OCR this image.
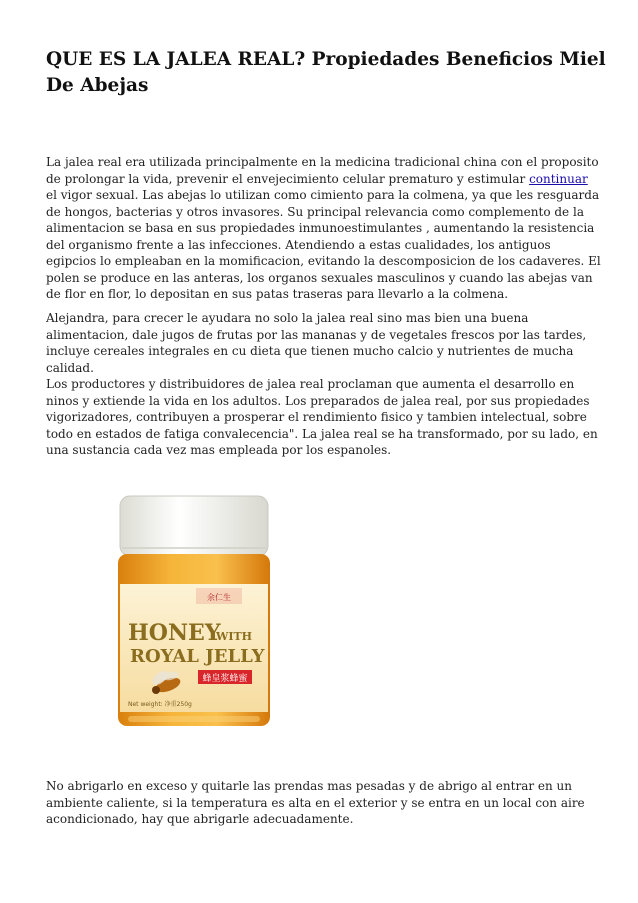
QUE ES LA JALEA REAL? Propiedades Beneficios Miel De Abejas

La jalea real era utilizada principalmente en la medicina tradicional china con el proposito de prolongar la vida, prevenir el envejecimiento celular prematuro y estimular continuar el vigor sexual. Las abejas lo utilizan como cimiento para la colmena, ya que les resguarda de hongos, bacterias y otros invasores. Su principal relevancia como complemento de la alimentacion se basa en sus propiedades inmunoestimulantes , aumentando la resistencia del organismo frente a las infecciones. Atendiendo a estas cualidades, los antiguos egipcios lo empleaban en la momificacion, evitando la descomposicion de los cadaveres. El polen se produce en las anteras, los organos sexuales masculinos y cuando las abejas van de flor en flor, lo depositan en sus patas traseras para llevarlo a la colmena.

Alejandra, para crecer le ayudara no solo la jalea real sino mas bien una buena alimentacion, dale jugos de frutas por las mananas y de vegetales frescos por las tardes, incluye cereales integrales en cu dieta que tienen mucho calcio y nutrientes de mucha calidad.

Los productores y distribuidores de jalea real proclaman que aumenta el desarrollo en ninos y extiende la vida en los adultos. Los preparados de jalea real, por sus propiedades vigorizadores, contribuyen a prosperar el rendimiento fisico y tambien intelectual, sobre todo en estados de fatiga convalecencia". La jalea real se ha transformado, por su lado, en una sustancia cada vez mas empleada por los espanoles.

余仁生
HONEY
WITH
ROYAL JELLY
蜂皇浆蜂蜜
Net weight: 净重250g

No abrigarlo en exceso y quitarle las prendas mas pesadas y de abrigo al entrar en un ambiente caliente, si la temperatura es alta en el exterior y se entra en un local con aire acondicionado, hay que abrigarle adecuadamente.
